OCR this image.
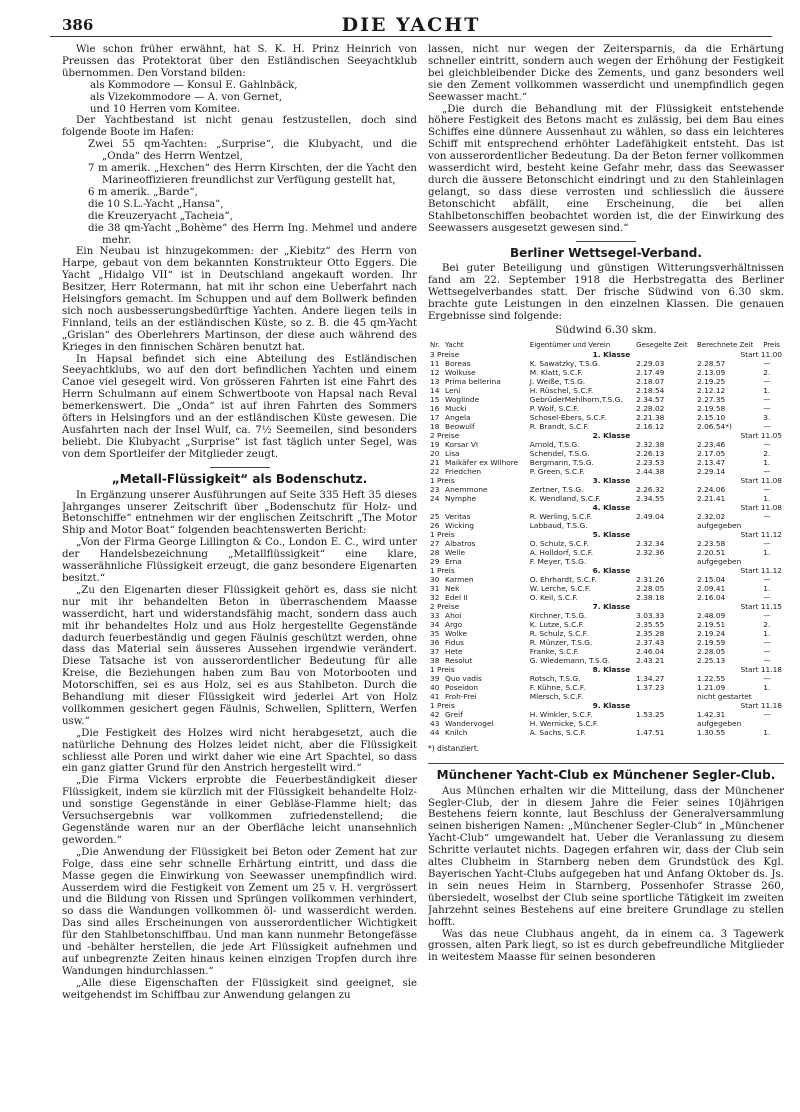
386	DIE YACHT

Wie schon früher erwähnt, hat S. K. H. Prinz Heinrich von Preussen das Protektorat über den Estländischen Seeyachtklub übernommen. Den Vorstand bilden:

als Kommodore — Konsul E. Gahlnbäck,

als Vizekommodore — A. von Gernet,

und 10 Herren vom Komitee.

Der Yachtbestand ist nicht genau festzustellen, doch sind folgende Boote im Hafen:

Zwei 55 qm-Yachten: „Surprise“, die Klubyacht, und die „Onda“ des Herrn Wentzel,

7 m amerik. „Hexchen“ des Herrn Kirschten, der die Yacht den Marineoffizieren freundlichst zur Verfügung gestellt hat,

6 m amerik. „Barde“,

die 10 S.L.-Yacht „Hansa“,

die Kreuzeryacht „Tacheia“,

die 38 qm-Yacht „Bohème“ des Herrn Ing. Mehmel und andere mehr.

Ein Neubau ist hinzugekommen: der „Kiebitz“ des Herrn von Harpe, gebaut von dem bekannten Konstrukteur Otto Eggers. Die Yacht „Hidalgo VII“ ist in Deutschland angekauft worden. Ihr Besitzer, Herr Rotermann, hat mit ihr schon eine Ueberfahrt nach Helsingfors gemacht. Im Schuppen und auf dem Bollwerk befinden sich noch ausbesserungsbedürftige Yachten. Andere liegen teils in Finnland, teils an der estländischen Küste, so z. B. die 45 qm-Yacht „Grislan“ des Oberlehrers Martinson, der diese auch während des Krieges in den finnischen Schären benutzt hat.

In Hapsal befindet sich eine Abteilung des Estländischen Seeyachtklubs, wo auf den dort befindlichen Yachten und einem Canoe viel gesegelt wird. Von grösseren Fahrten ist eine Fahrt des Herrn Schulmann auf einem Schwertboote von Hapsal nach Reval bemerkenswert. Die „Onda“ ist auf ihren Fahrten des Sommers öfters in Helsingfors und an der estländischen Küste gewesen. Die Ausfahrten nach der Insel Wulf, ca. 7½ Seemeilen, sind besonders beliebt. Die Klubyacht „Surprise“ ist fast täglich unter Segel, was von dem Sportleifer der Mitglieder zeugt.

„Metall-Flüssigkeit“ als Bodenschutz.

In Ergänzung unserer Ausführungen auf Seite 335 Heft 35 dieses Jahrganges unserer Zeitschrift über „Bodenschutz für Holz- und Betonschiffe“ entnehmen wir der englischen Zeitschrift „The Motor Ship and Motor Boat“ folgenden beachtenswerten Bericht:

„Von der Firma George Lillington & Co., London E. C., wird unter der Handelsbezeichnung „Metallflüssigkeit“ eine klare, wasserähnliche Flüssigkeit erzeugt, die ganz besondere Eigenarten besitzt.“

„Zu den Eigenarten dieser Flüssigkeit gehört es, dass sie nicht nur mit ihr behandelten Beton in überraschendem Maasse wasserdicht, hart und widerstandsfähig macht, sondern dass auch mit ihr behandeltes Holz und aus Holz hergestellte Gegenstände dadurch feuerbeständig und gegen Fäulnis geschützt werden, ohne dass das Material sein äusseres Aussehen irgendwie verändert. Diese Tatsache ist von ausserordentlicher Bedeutung für alle Kreise, die Beziehungen haben zum Bau von Motorbooten und Motorschiffen, sei es aus Holz, sei es aus Stahlbeton. Durch die Behandlung mit dieser Flüssigkeit wird jederlei Art von Holz vollkommen gesichert gegen Fäulnis, Schwellen, Splittern, Werfen usw.“

„Die Festigkeit des Holzes wird nicht herabgesetzt, auch die natürliche Dehnung des Holzes leidet nicht, aber die Flüssigkeit schliesst alle Poren und wirkt daher wie eine Art Spachtel, so dass ein ganz glatter Grund für den Anstrich hergestellt wird.“

„Die Firma Vickers erprobte die Feuerbeständigkeit dieser Flüssigkeit, indem sie kürzlich mit der Flüssigkeit behandelte Holz- und sonstige Gegenstände in einer Gebläse-Flamme hielt; das Versuchsergebnis war vollkommen zufriedenstellend; die Gegenstände waren nur an der Oberfläche leicht unansehnlich geworden.“

„Die Anwendung der Flüssigkeit bei Beton oder Zement hat zur Folge, dass eine sehr schnelle Erhärtung eintritt, und dass die Masse gegen die Einwirkung von Seewasser unempfindlich wird. Ausserdem wird die Festigkeit von Zement um 25 v. H. vergrössert und die Bildung von Rissen und Sprüngen vollkommen verhindert, so dass die Wandungen vollkommen öl- und wasserdicht werden. Das sind alles Erscheinungen von ausserordentlicher Wichtigkeit für den Stahlbetonschiffbau. Und man kann nunmehr Betongefässe und -behälter herstellen, die jede Art Flüssigkeit aufnehmen und auf unbegrenzte Zeiten hinaus keinen einzigen Tropfen durch ihre Wandungen hindurchlassen.“

„Alle diese Eigenschaften der Flüssigkeit sind geeignet, sie weitgehendst im Schiffbau zur Anwendung gelangen zu

lassen, nicht nur wegen der Zeitersparnis, da die Erhärtung schneller eintritt, sondern auch wegen der Erhöhung der Festigkeit bei gleichbleibender Dicke des Zements, und ganz besonders weil sie den Zement vollkommen wasserdicht und unempfindlich gegen Seewasser macht.“

„Die durch die Behandlung mit der Flüssigkeit entstehende höhere Festigkeit des Betons macht es zulässig, bei dem Bau eines Schiffes eine dünnere Aussenhaut zu wählen, so dass ein leichteres Schiff mit entsprechend erhöhter Ladefähigkeit entsteht. Das ist von ausserordentlicher Bedeutung. Da der Beton ferner vollkommen wasserdicht wird, besteht keine Gefahr mehr, dass das Seewasser durch die äussere Betonschicht eindringt und zu den Stahleinlagen gelangt, so dass diese verrosten und schliesslich die äussere Betonschicht abfällt, eine Erscheinung, die bei allen Stahlbetonschiffen beobachtet worden ist, die der Einwirkung des Seewassers ausgesetzt gewesen sind.“

Berliner Wettsegel-Verband.

Bei guter Beteiligung und günstigen Witterungsverhältnissen fand am 22. September 1918 die Herbstregatta des Berliner Wettsegelverbandes statt. Der frische Südwind von 6.30 skm. brachte gute Leistungen in den einzelnen Klassen. Die genauen Ergebnisse sind folgende:

Südwind 6.30 skm.
Nr.	Yacht	Eigentümer und Verein	Gesegelte Zeit	Berechnete Zeit	Preis
3 Preise		1. Klasse		Start 11.00	
11	Boreas	K. Sawatzky, T.S.G.	2.29.03	2.28.57	—
12	Wolkuse	M. Klatt, S.C.F.	2.17.49	2.13.09	2.
13	Prima bellerina	J. Weiße, T.S.G.	2.18.07	2.19.25	—
14	Leni	H. Rüschel, S.C.F.	2.18.54	2.12.12	1.
15	Woglinde	GebrüderMehlhorn,T.S.G.	2.34.57	2.27.35	—
16	Mucki	P. Wolf, S.C.F.	2.28.02	2.19.58	—
17	Angela	Schosel-Ebers, S.C.F.	2.21.38	2.15.10	3.
18	Beowulf	R. Brandt, S.C.F.	2.16.12	2.06.54*)	—
2 Preise		2. Klasse		Start 11.05	
19	Korsar VI	Arnold, T.S.G.	2.32.38	2.23.46	—
20	Lisa	Schendel, T.S.G.	2.26.13	2.17.05	2.
21	Maikäfer ex Wilhore	Bergmann, T.S.G.	2.23.53	2.13.47	1.
22	Friedchen	P. Green, S.C.F.	2.44.38	2.29.14	—
1 Preis		3. Klasse		Start 11.08	
23	Anemmone	Zertner, T.S.G.	2.26.32	2.24.06	—
24	Nymphe	K. Wendland, S.C.F.	2.34.55	2.21.41	1.
		4. Klasse		Start 11.08	
25	Veritas	R. Werling, S.C.F.	2.49.04	2.32.02	—
26	Wicking	Labbaud, T.S.G.		aufgegeben	
1 Preis		5. Klasse		Start 11.12	
27	Albatros	O. Schulz, S.C.F.	2.32.34	2.23.58	—
28	Welle	A. Holldorf, S.C.F.	2.32.36	2.20.51	1.
29	Erna	F. Meyer, T.S.G.		aufgegeben	
1 Preis		6. Klasse		Start 11.12	
30	Karmen	O. Ehrhardt, S.C.F.	2.31.26	2.15.04	—
31	Nek	W. Lerche, S.C.F.	2.28.05	2.09.41	1.
32	Edel II	O. Keil, S.C.F.	2.38.18	2.16.04	—
2 Preise		7. Klasse		Start 11.15	
33	Ahoi	Kirchner, T.S.G.	3.03.33	2.48.09	—
34	Argo	K. Lutze, S.C.F.	2.35.55	2.19.51	2.
35	Wolke	R. Schulz, S.C.F.	2.35.28	2.19.24	1.
36	Fidus	R. Münzer, T.S.G.	2.37.43	2.19.59	—
37	Hete	Franke, S.C.F.	2.46.04	2.28.05	—
38	Resolut	G. Wiedemann, T.S.G.	2.43.21	2.25.13	—
1 Preis		8. Klasse		Start 11.18	
39	Quo vadis	Rotsch, T.S.G.	1.34.27	1.22.55	—
40	Poseidon	F. Kühne, S.C.F.	1.37.23	1.21.09	1.
41	Froh-Frei	Miersch, S.C.F.		nicht gestartet	
1 Preis		9. Klasse		Start 11.18	
42	Greif	H. Winkler, S.C.F.	1.53.25	1.42.31	—
43	Wandervogel	H. Wernicke, S.C.F.		aufgegeben	
44	Knilch	A. Sachs, S.C.F.	1.47.51	1.30.55	1.
*) distanziert.
Münchener Yacht-Club ex Münchener Segler-Club.

Aus München erhalten wir die Mitteilung, dass der Münchener Segler-Club, der in diesem Jahre die Feier seines 10jährigen Bestehens feiern konnte, laut Beschluss der Generalversammlung seinen bisherigen Namen: „Münchener Segler-Club“ in „Münchener Yacht-Club“ umgewandelt hat. Ueber die Veranlassung zu diesem Schritte verlautet nichts. Dagegen erfahren wir, dass der Club sein altes Clubheim in Starnberg neben dem Grundstück des Kgl. Bayerischen Yacht-Clubs aufgegeben hat und Anfang Oktober ds. Js. in sein neues Heim in Starnberg, Possenhofer Strasse 260, übersiedelt, woselbst der Club seine sportliche Tätigkeit im zweiten Jahrzehnt seines Bestehens auf eine breitere Grundlage zu stellen hofft.

Was das neue Clubhaus angeht, da in einem ca. 3 Tagewerk grossen, alten Park liegt, so ist es durch gebefreundliche Mitglieder in weitestem Maasse für seinen besonderen
